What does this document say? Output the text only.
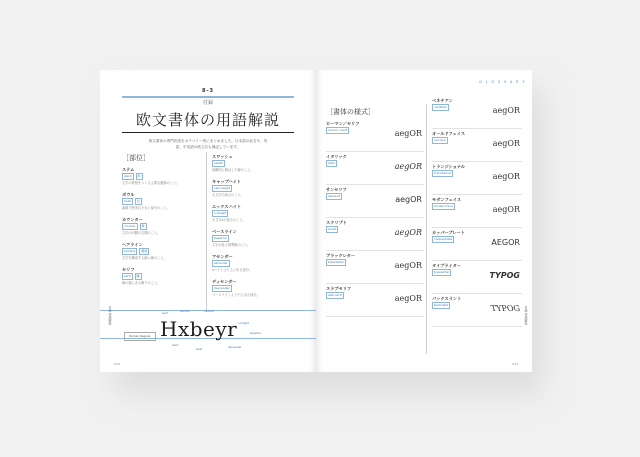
8-3
付録
欧文書体の用語解説
欧文書体の専門用語をカテゴリー別にまとめました。日本語の仮名や、英語、中英語の欧文名も補記しています。
［部位］
ステム
stem	幹
文字の骨格をつくる主要な縦線のこと。
ボウル
bowl	弦
曲線で囲まれた丸い部分のこと。
カウンター
counter	懐
文字の内側の空間のこと。
ヘアライン
hairline	細線
文字を構成する細い線のこと。
セリフ
serif	鱗
線の端にある飾りのこと。
スワッシュ
swash
装飾的に伸ばした線のこと。
キャップハイト
cap height
大文字の高さのこと。
エックスハイト
x-height
小文字xの高さのこと。
ベースライン
baseline
文字が並ぶ基準線のこと。
アセンダー
ascender
xハイトより上に出る部分。
ディセンダー
descender
ベースラインより下に出る部分。
Roman Regular Hxbeyr
serif
hairline	counter
x-height
baseline
descender
stem
bowl
付録 用語解説
270
G L O S S A R Y
［書体の様式］
ローマン／セリフ
roman / serif	aegOR
イタリック
italic	aegOR
サンセリフ
sanserif	aegOR
スクリプト
script	aegOR
ブラックレター
blackletter	aegOR
スラブセリフ
slab serif	aegOR
ベネチアン
venetian	aegOR
オールドフェイス
old face	aegOR
トランジショナル
transitional	aegOR
モダンフェイス
modern face	aegOR
カッパープレート
copperplate	AEGOR
タイプライター
typewriter	TYPOG
バックスラント
backslant	TYPOG 付録 用語解説
271
